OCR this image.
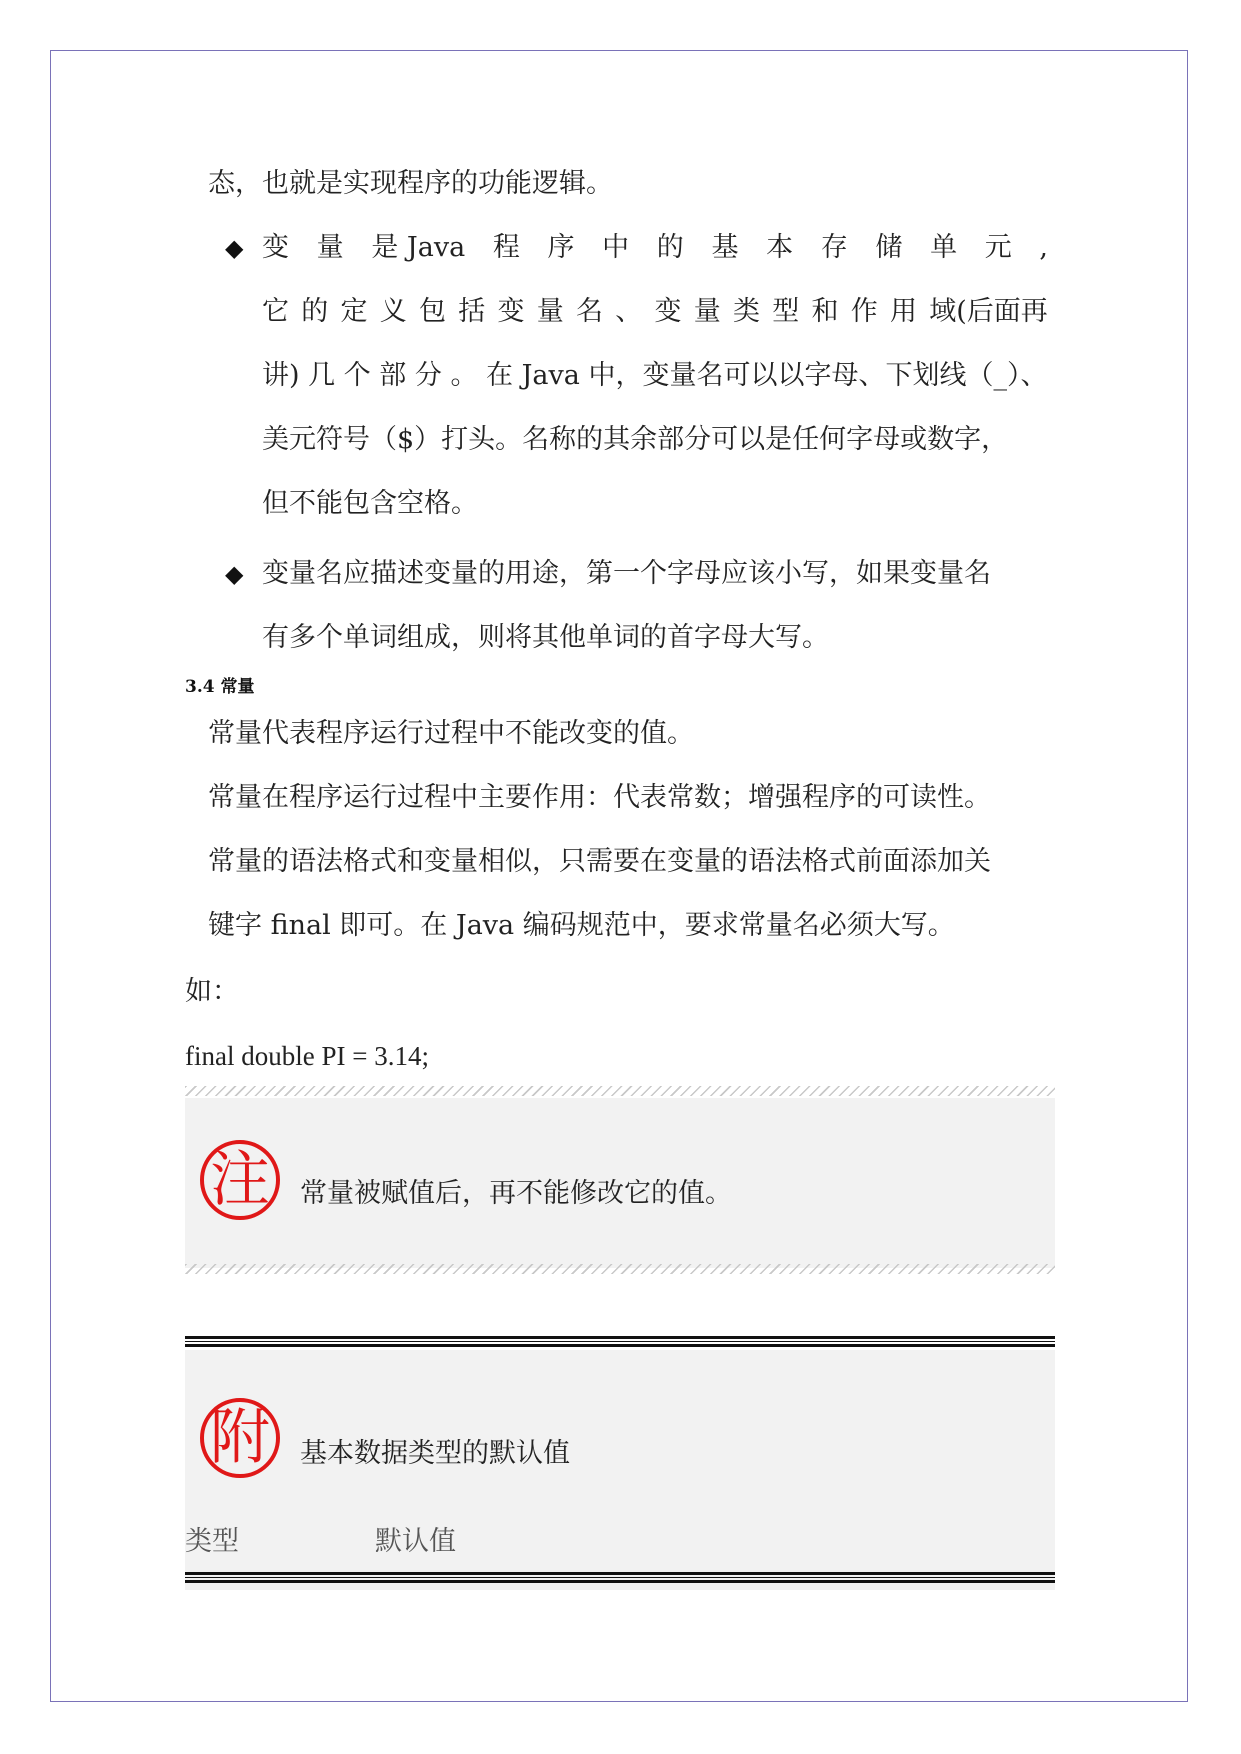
态，也就是实现程序的功能逻辑。
◆ 变 量 是 Java 程 序 中 的 基 本 存 储 单 元 ,
它 的 定 义 包 括 变 量 名 、 变 量 类 型 和 作 用 域(后面再
讲) 几 个 部 分 。 在 Java 中，变量名可以以字母、下划线（_）、
美元符号（$）打头。名称的其余部分可以是任何字母或数字，
但不能包含空格。
◆ 变量名应描述变量的用途，第一个字母应该小写，如果变量名
有多个单词组成，则将其他单词的首字母大写。
3.4 常量
常量代表程序运行过程中不能改变的值。
常量在程序运行过程中主要作用：代表常数；增强程序的可读性。
常量的语法格式和变量相似，只需要在变量的语法格式前面添加关
键字 final 即可。在 Java 编码规范中，要求常量名必须大写。
如：
final double PI = 3.14;
注	常量被赋值后，再不能修改它的值。
附	基本数据类型的默认值
类型	默认值
